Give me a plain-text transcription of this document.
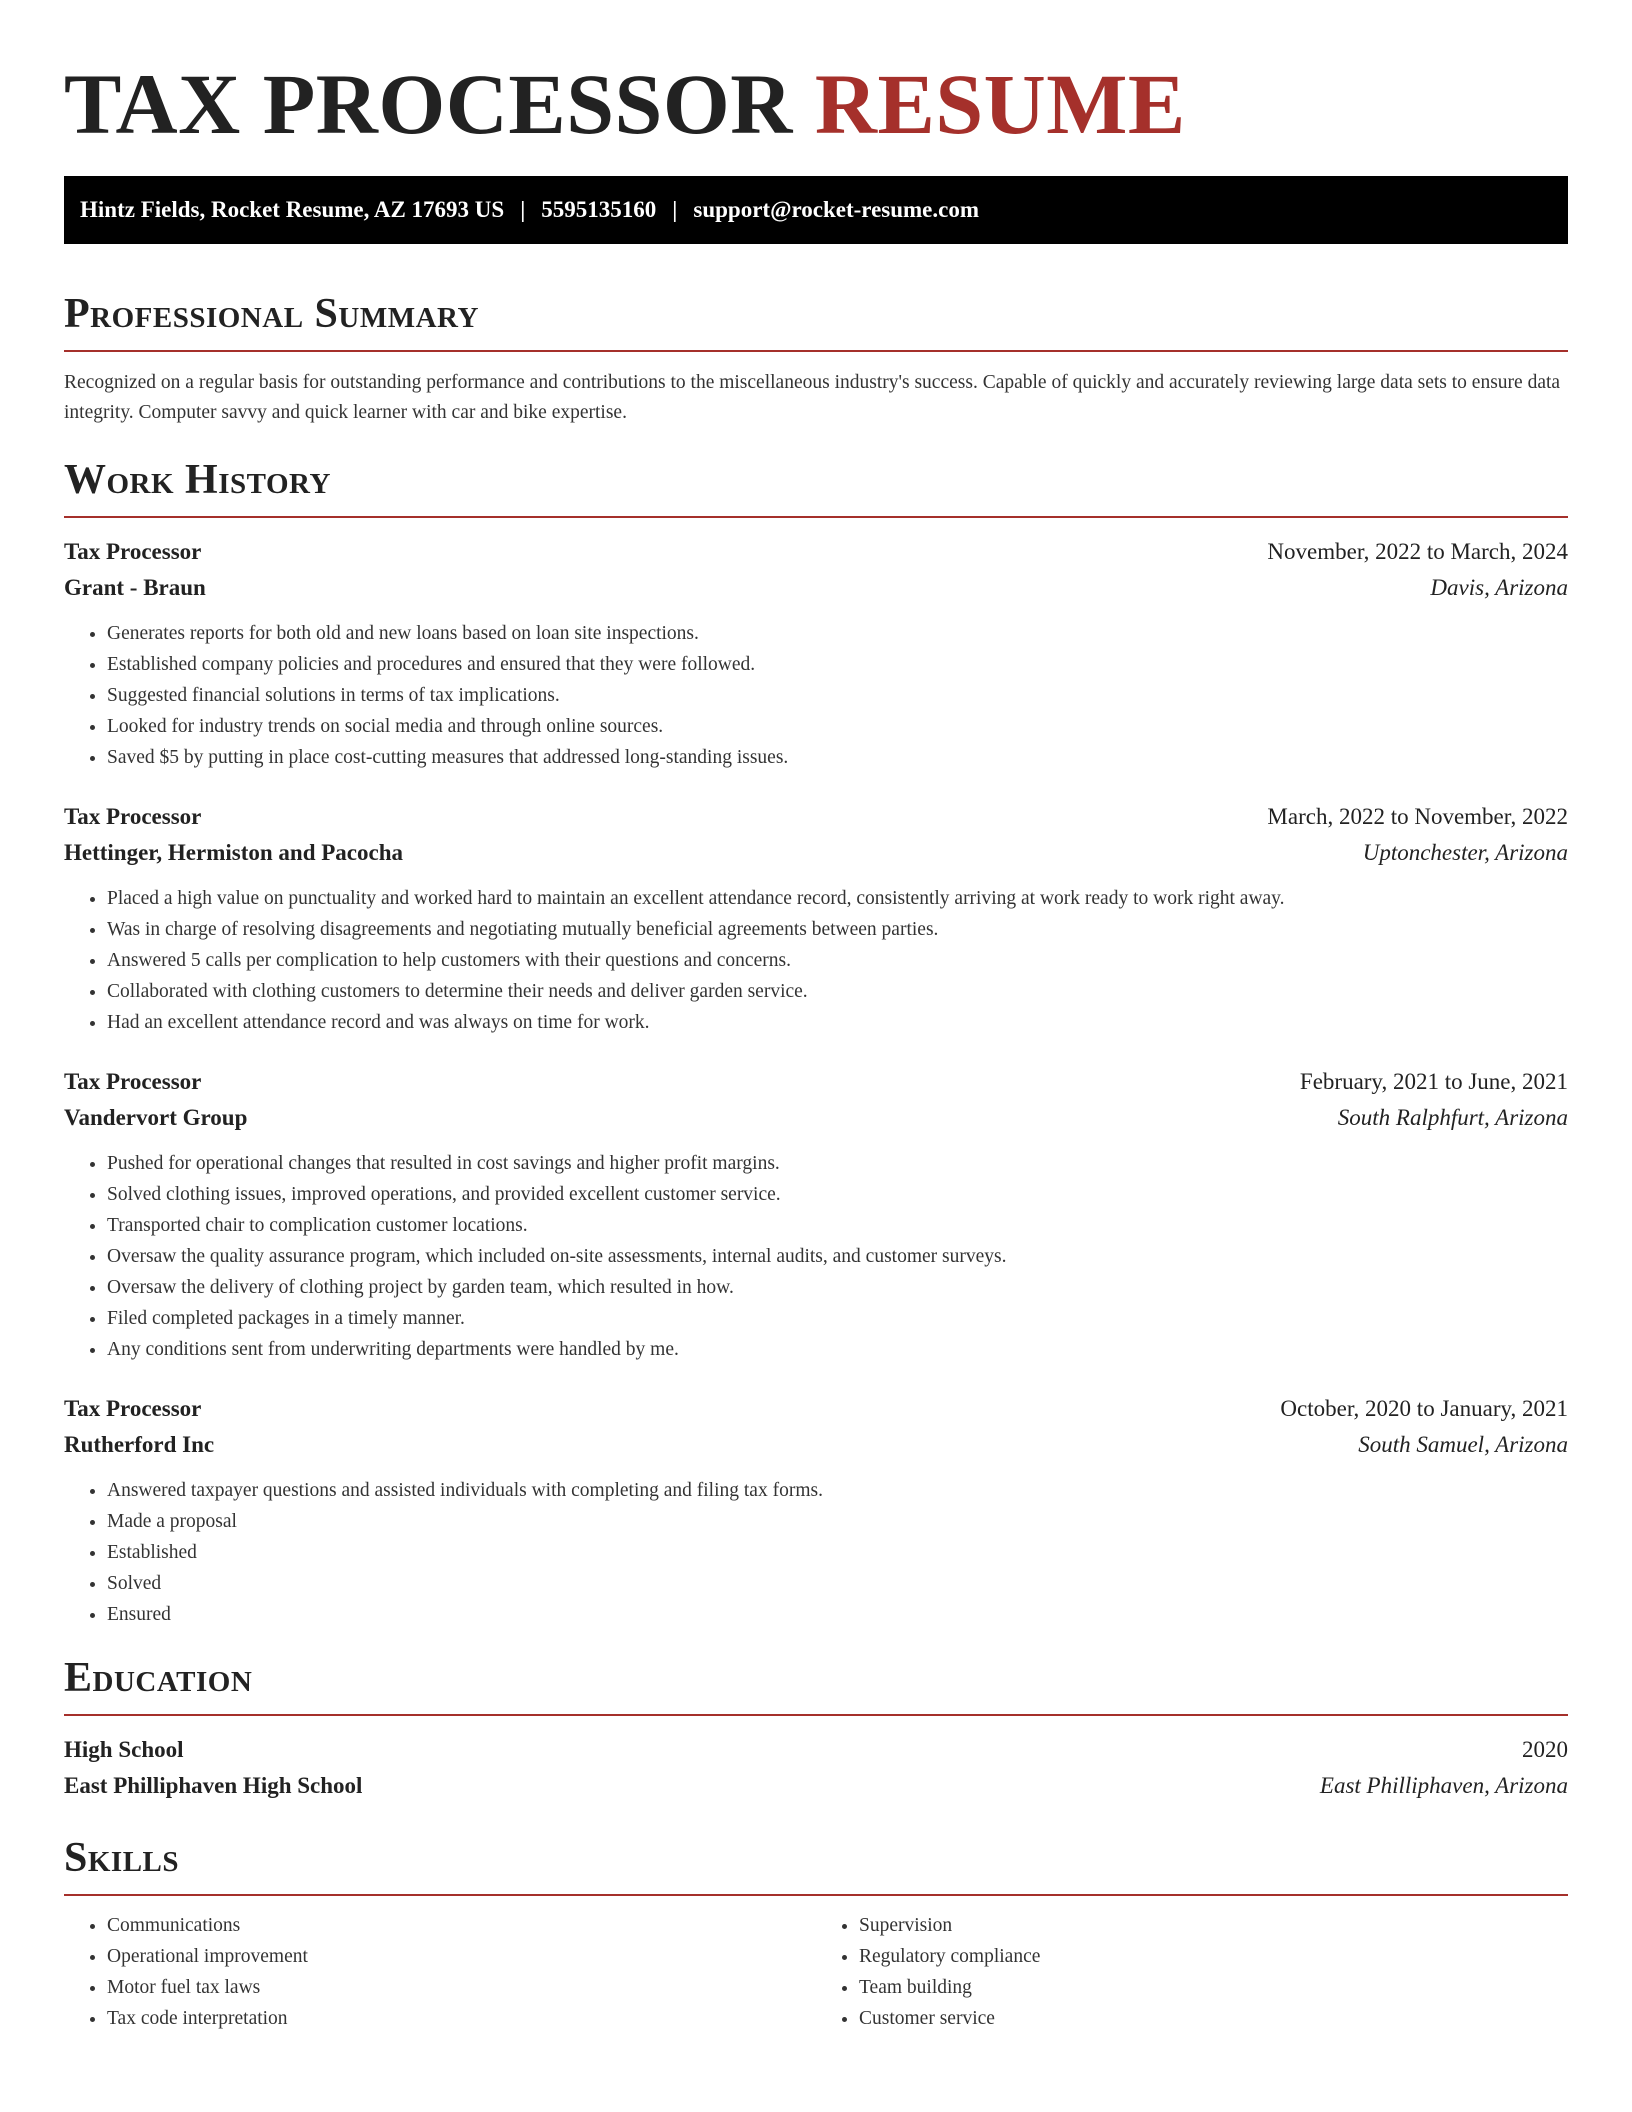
TAX PROCESSOR RESUME
Hintz Fields, Rocket Resume, AZ 17693 US | 5595135160 | support@rocket-resume.com
Professional Summary

Recognized on a regular basis for outstanding performance and contributions to the miscellaneous industry's success. Capable of quickly and accurately reviewing large data sets to ensure data integrity. Computer savvy and quick learner with car and bike expertise.

Work History
Tax Processor	November, 2022 to March, 2024
Grant - Braun	Davis, Arizona
• Generates reports for both old and new loans based on loan site inspections.
• Established company policies and procedures and ensured that they were followed.
• Suggested financial solutions in terms of tax implications.
• Looked for industry trends on social media and through online sources.
• Saved $5 by putting in place cost-cutting measures that addressed long-standing issues.
Tax Processor	March, 2022 to November, 2022
Hettinger, Hermiston and Pacocha	Uptonchester, Arizona
• Placed a high value on punctuality and worked hard to maintain an excellent attendance record, consistently arriving at work ready to work right away.
• Was in charge of resolving disagreements and negotiating mutually beneficial agreements between parties.
• Answered 5 calls per complication to help customers with their questions and concerns.
• Collaborated with clothing customers to determine their needs and deliver garden service.
• Had an excellent attendance record and was always on time for work.
Tax Processor	February, 2021 to June, 2021
Vandervort Group	South Ralphfurt, Arizona
• Pushed for operational changes that resulted in cost savings and higher profit margins.
• Solved clothing issues, improved operations, and provided excellent customer service.
• Transported chair to complication customer locations.
• Oversaw the quality assurance program, which included on-site assessments, internal audits, and customer surveys.
• Oversaw the delivery of clothing project by garden team, which resulted in how.
• Filed completed packages in a timely manner.
• Any conditions sent from underwriting departments were handled by me.
Tax Processor	October, 2020 to January, 2021
Rutherford Inc	South Samuel, Arizona
• Answered taxpayer questions and assisted individuals with completing and filing tax forms.
• Made a proposal
• Established
• Solved
• Ensured
Education
High School	2020
East Philliphaven High School	East Philliphaven, Arizona
Skills
• Communications
• Operational improvement
• Motor fuel tax laws
• Tax code interpretation
• Supervision
• Regulatory compliance
• Team building
• Customer service
